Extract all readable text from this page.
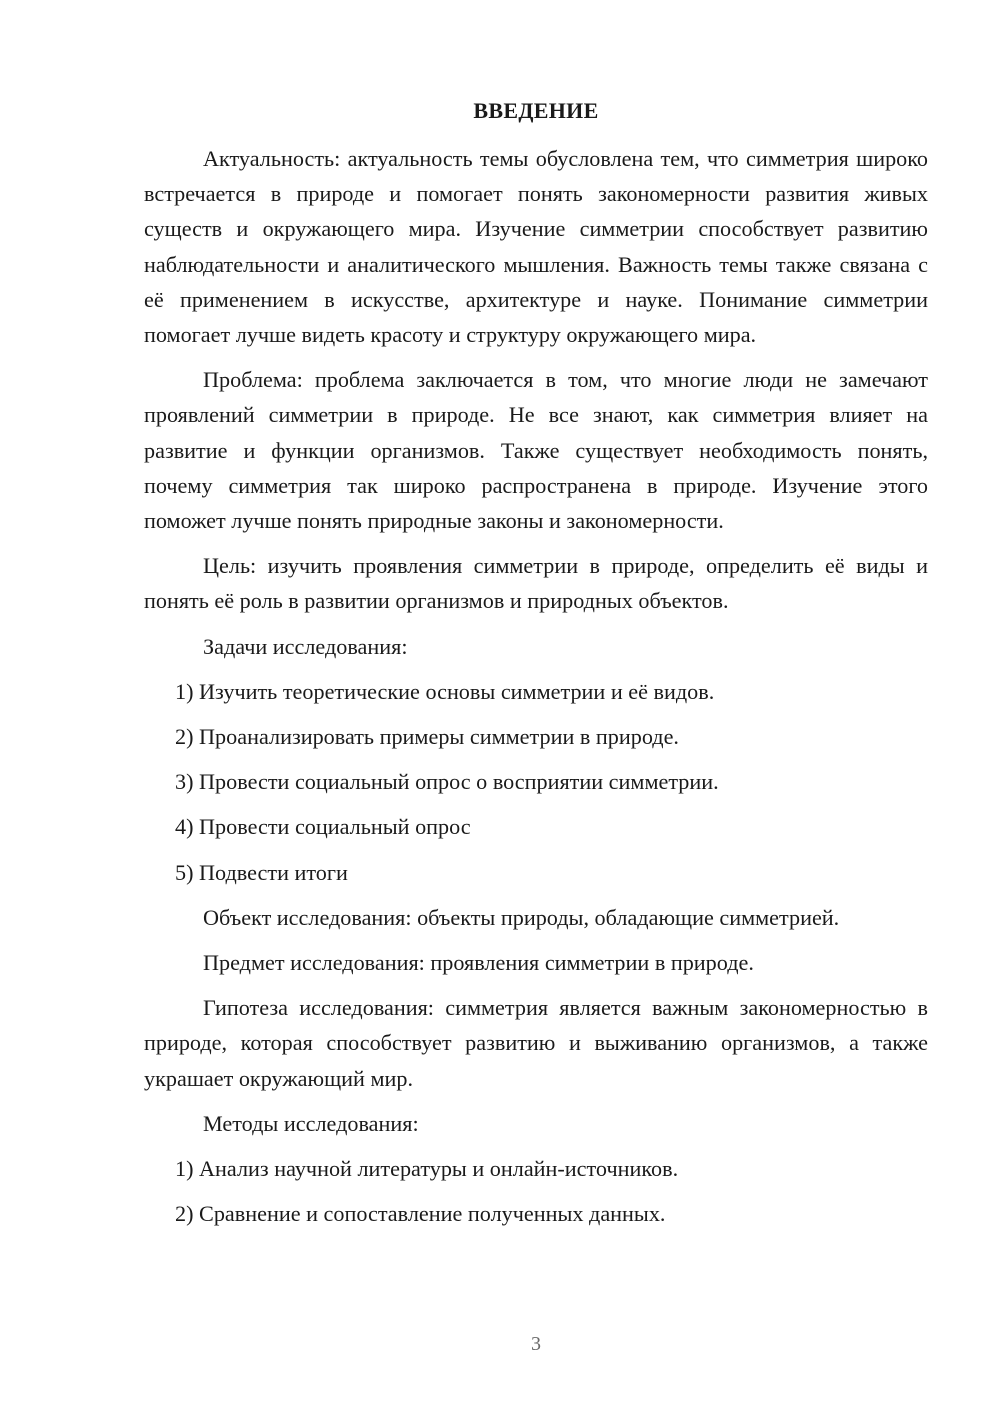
ВВЕДЕНИЕ

Актуальность: актуальность темы обусловлена тем, что симметрия широко встречается в природе и помогает понять закономерности развития живых существ и окружающего мира. Изучение симметрии способствует развитию наблюдательности и аналитического мышления. Важность темы также связана с её применением в искусстве, архитектуре и науке. Понимание симметрии помогает лучше видеть красоту и структуру окружающего мира.

Проблема: проблема заключается в том, что многие люди не замечают проявлений симметрии в природе. Не все знают, как симметрия влияет на развитие и функции организмов. Также существует необходимость понять, почему симметрия так широко распространена в природе. Изучение этого поможет лучше понять природные законы и закономерности.

Цель: изучить проявления симметрии в природе, определить её виды и понять её роль в развитии организмов и природных объектов.

Задачи исследования:

1) Изучить теоретические основы симметрии и её видов.

2) Проанализировать примеры симметрии в природе.

3) Провести социальный опрос о восприятии симметрии.

4) Провести социальный опрос

5) Подвести итоги

Объект исследования: объекты природы, обладающие симметрией.

Предмет исследования: проявления симметрии в природе.

Гипотеза исследования: симметрия является важным закономерностью в природе, которая способствует развитию и выживанию организмов, а также украшает окружающий мир.

Методы исследования:

1) Анализ научной литературы и онлайн-источников.

2) Сравнение и сопоставление полученных данных.

3
